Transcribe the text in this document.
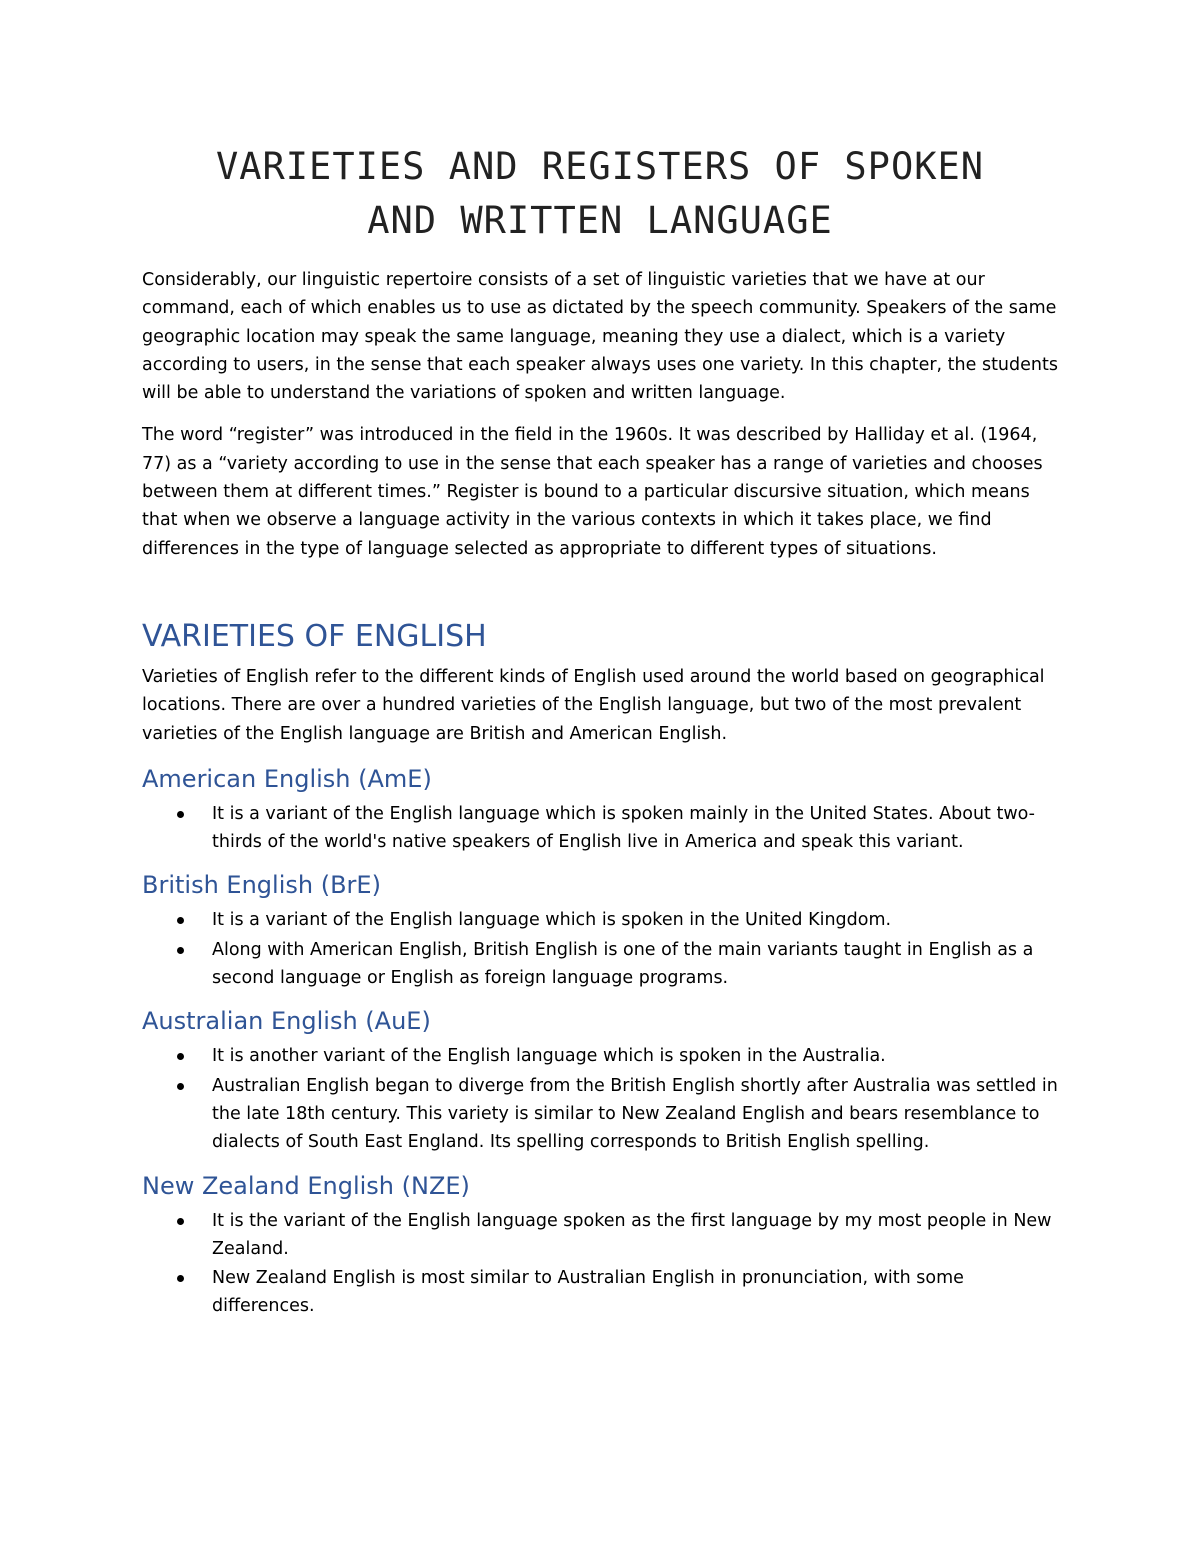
VARIETIES AND REGISTERS OF SPOKEN
AND WRITTEN LANGUAGE

Considerably, our linguistic repertoire consists of a set of linguistic varieties that we have at our command, each of which enables us to use as dictated by the speech community. Speakers of the same geographic location may speak the same language, meaning they use a dialect, which is a variety according to users, in the sense that each speaker always uses one variety. In this chapter, the students will be able to understand the variations of spoken and written language.

The word “register” was introduced in the field in the 1960s. It was described by Halliday et al. (1964, 77) as a “variety according to use in the sense that each speaker has a range of varieties and chooses between them at different times.” Register is bound to a particular discursive situation, which means that when we observe a language activity in the various contexts in which it takes place, we find differences in the type of language selected as appropriate to different types of situations.

VARIETIES OF ENGLISH

Varieties of English refer to the different kinds of English used around the world based on geographical locations. There are over a hundred varieties of the English language, but two of the most prevalent varieties of the English language are British and American English.

American English (AmE)
It is a variant of the English language which is spoken mainly in the United States. About two-thirds of the world's native speakers of English live in America and speak this variant.
British English (BrE)
It is a variant of the English language which is spoken in the United Kingdom.
Along with American English, British English is one of the main variants taught in English as a second language or English as foreign language programs.
Australian English (AuE)
It is another variant of the English language which is spoken in the Australia.
Australian English began to diverge from the British English shortly after Australia was settled in the late 18th century. This variety is similar to New Zealand English and bears resemblance to dialects of South East England. Its spelling corresponds to British English spelling.
New Zealand English (NZE)
It is the variant of the English language spoken as the first language by my most people in New Zealand.
New Zealand English is most similar to Australian English in pronunciation, with some differences.
